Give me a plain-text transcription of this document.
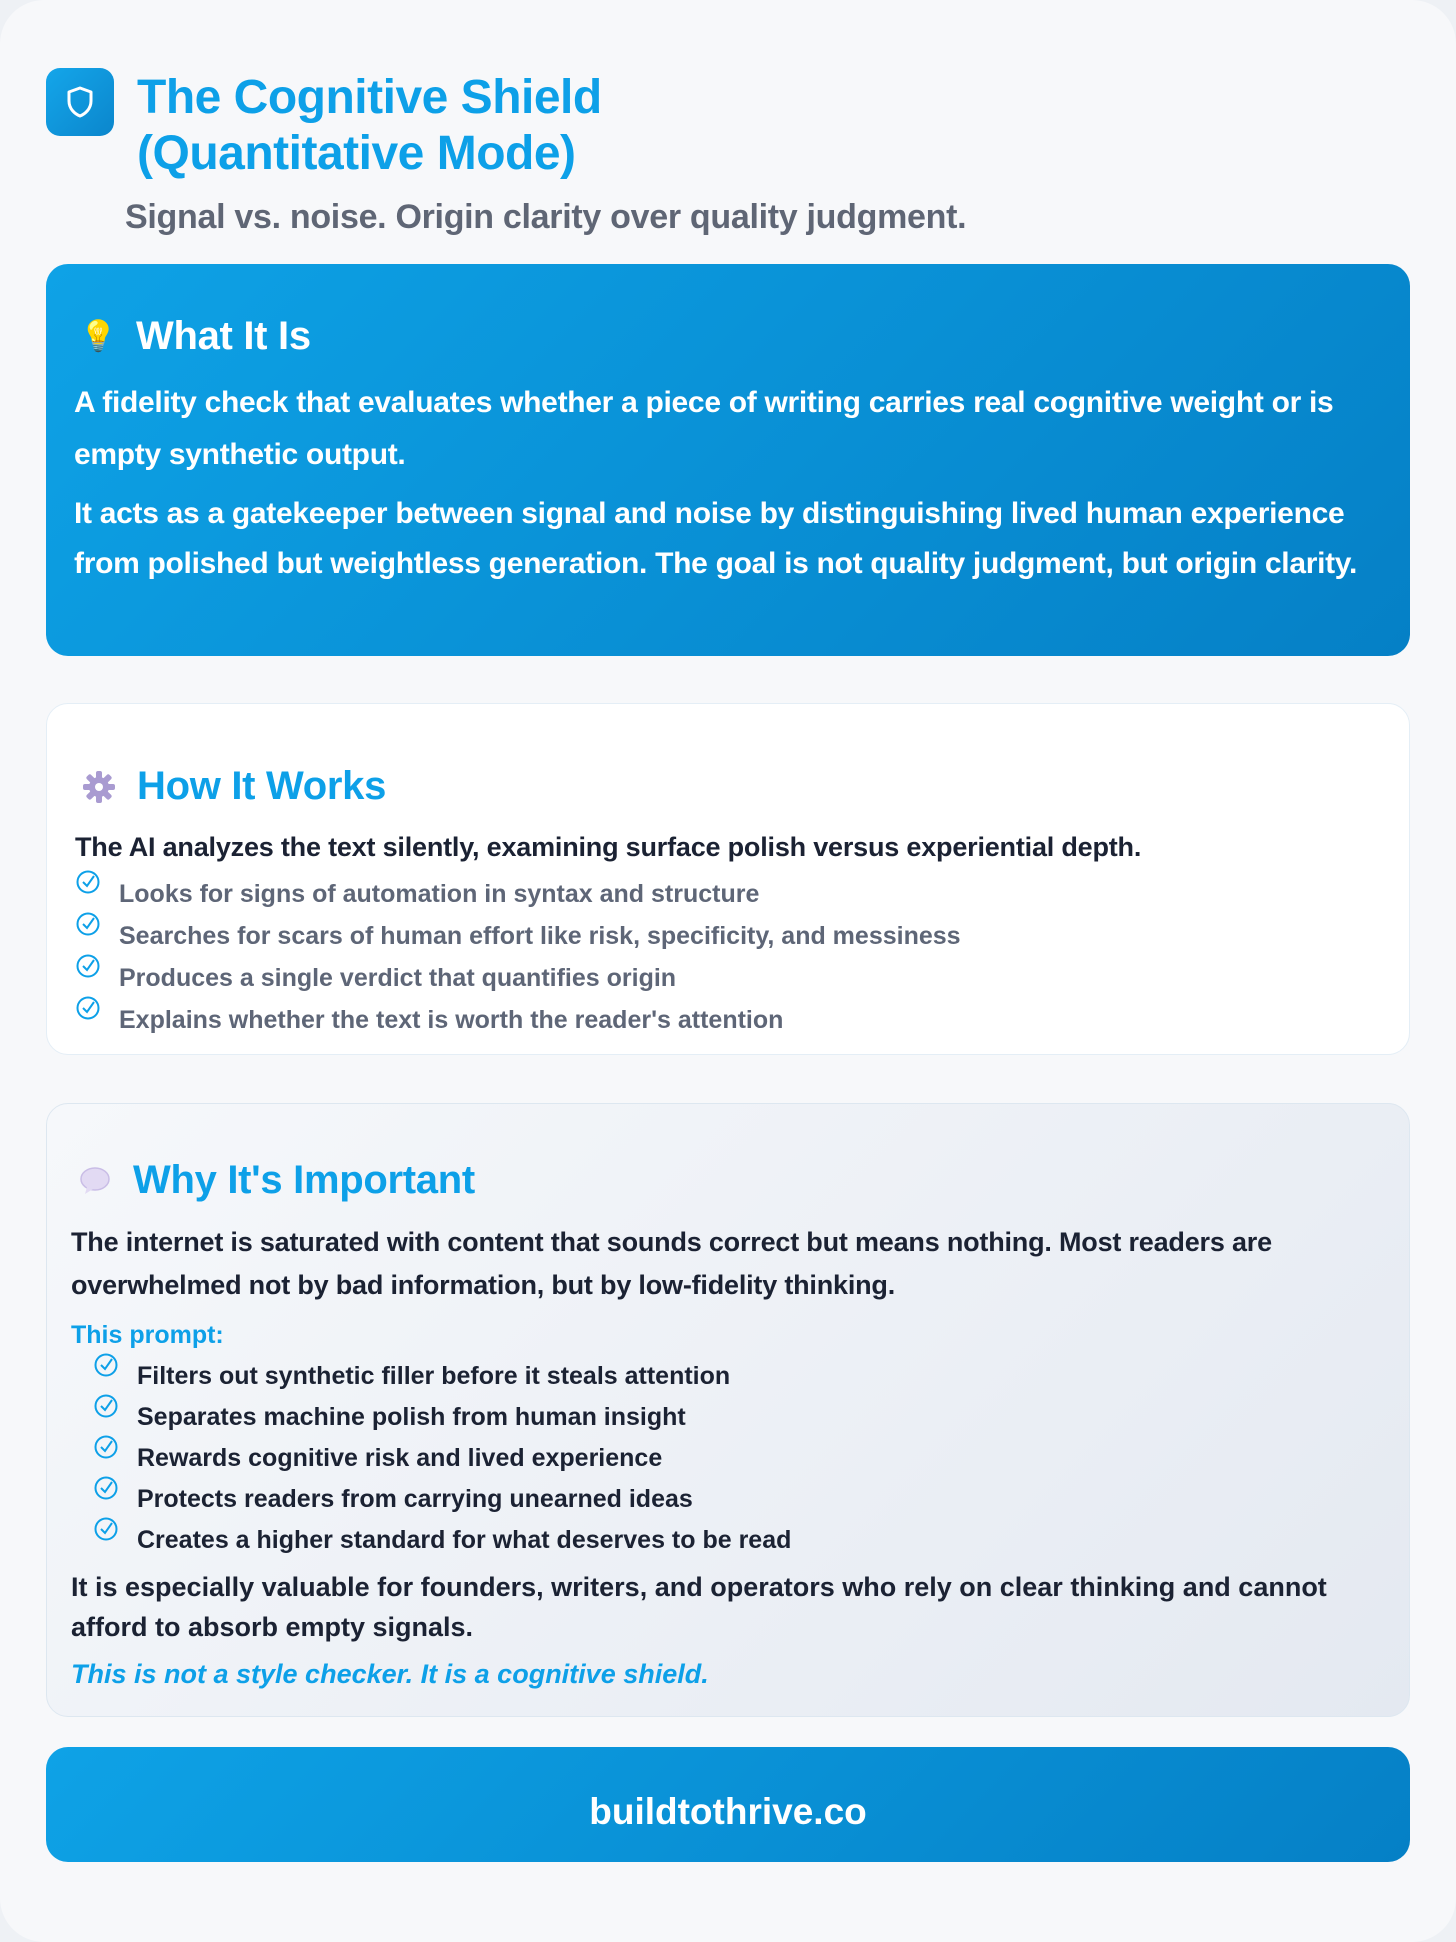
The Cognitive Shield
(Quantitative Mode)
Signal vs. noise. Origin clarity over quality judgment.
💡 What It Is

A fidelity check that evaluates whether a piece of writing carries real cognitive weight or is empty synthetic output.

It acts as a gatekeeper between signal and noise by distinguishing lived human experience from polished but weightless generation. The goal is not quality judgment, but origin clarity.

How It Works
The AI analyzes the text silently, examining surface polish versus experiential depth.
Looks for signs of automation in syntax and structure
Searches for scars of human effort like risk, specificity, and messiness
Produces a single verdict that quantifies origin
Explains whether the text is worth the reader's attention
Why It's Important
The internet is saturated with content that sounds correct but means nothing. Most readers are overwhelmed not by bad information, but by low-fidelity thinking.
This prompt:
Filters out synthetic filler before it steals attention
Separates machine polish from human insight
Rewards cognitive risk and lived experience
Protects readers from carrying unearned ideas
Creates a higher standard for what deserves to be read
It is especially valuable for founders, writers, and operators who rely on clear thinking and cannot afford to absorb empty signals.
This is not a style checker. It is a cognitive shield.
buildtothrive.co
